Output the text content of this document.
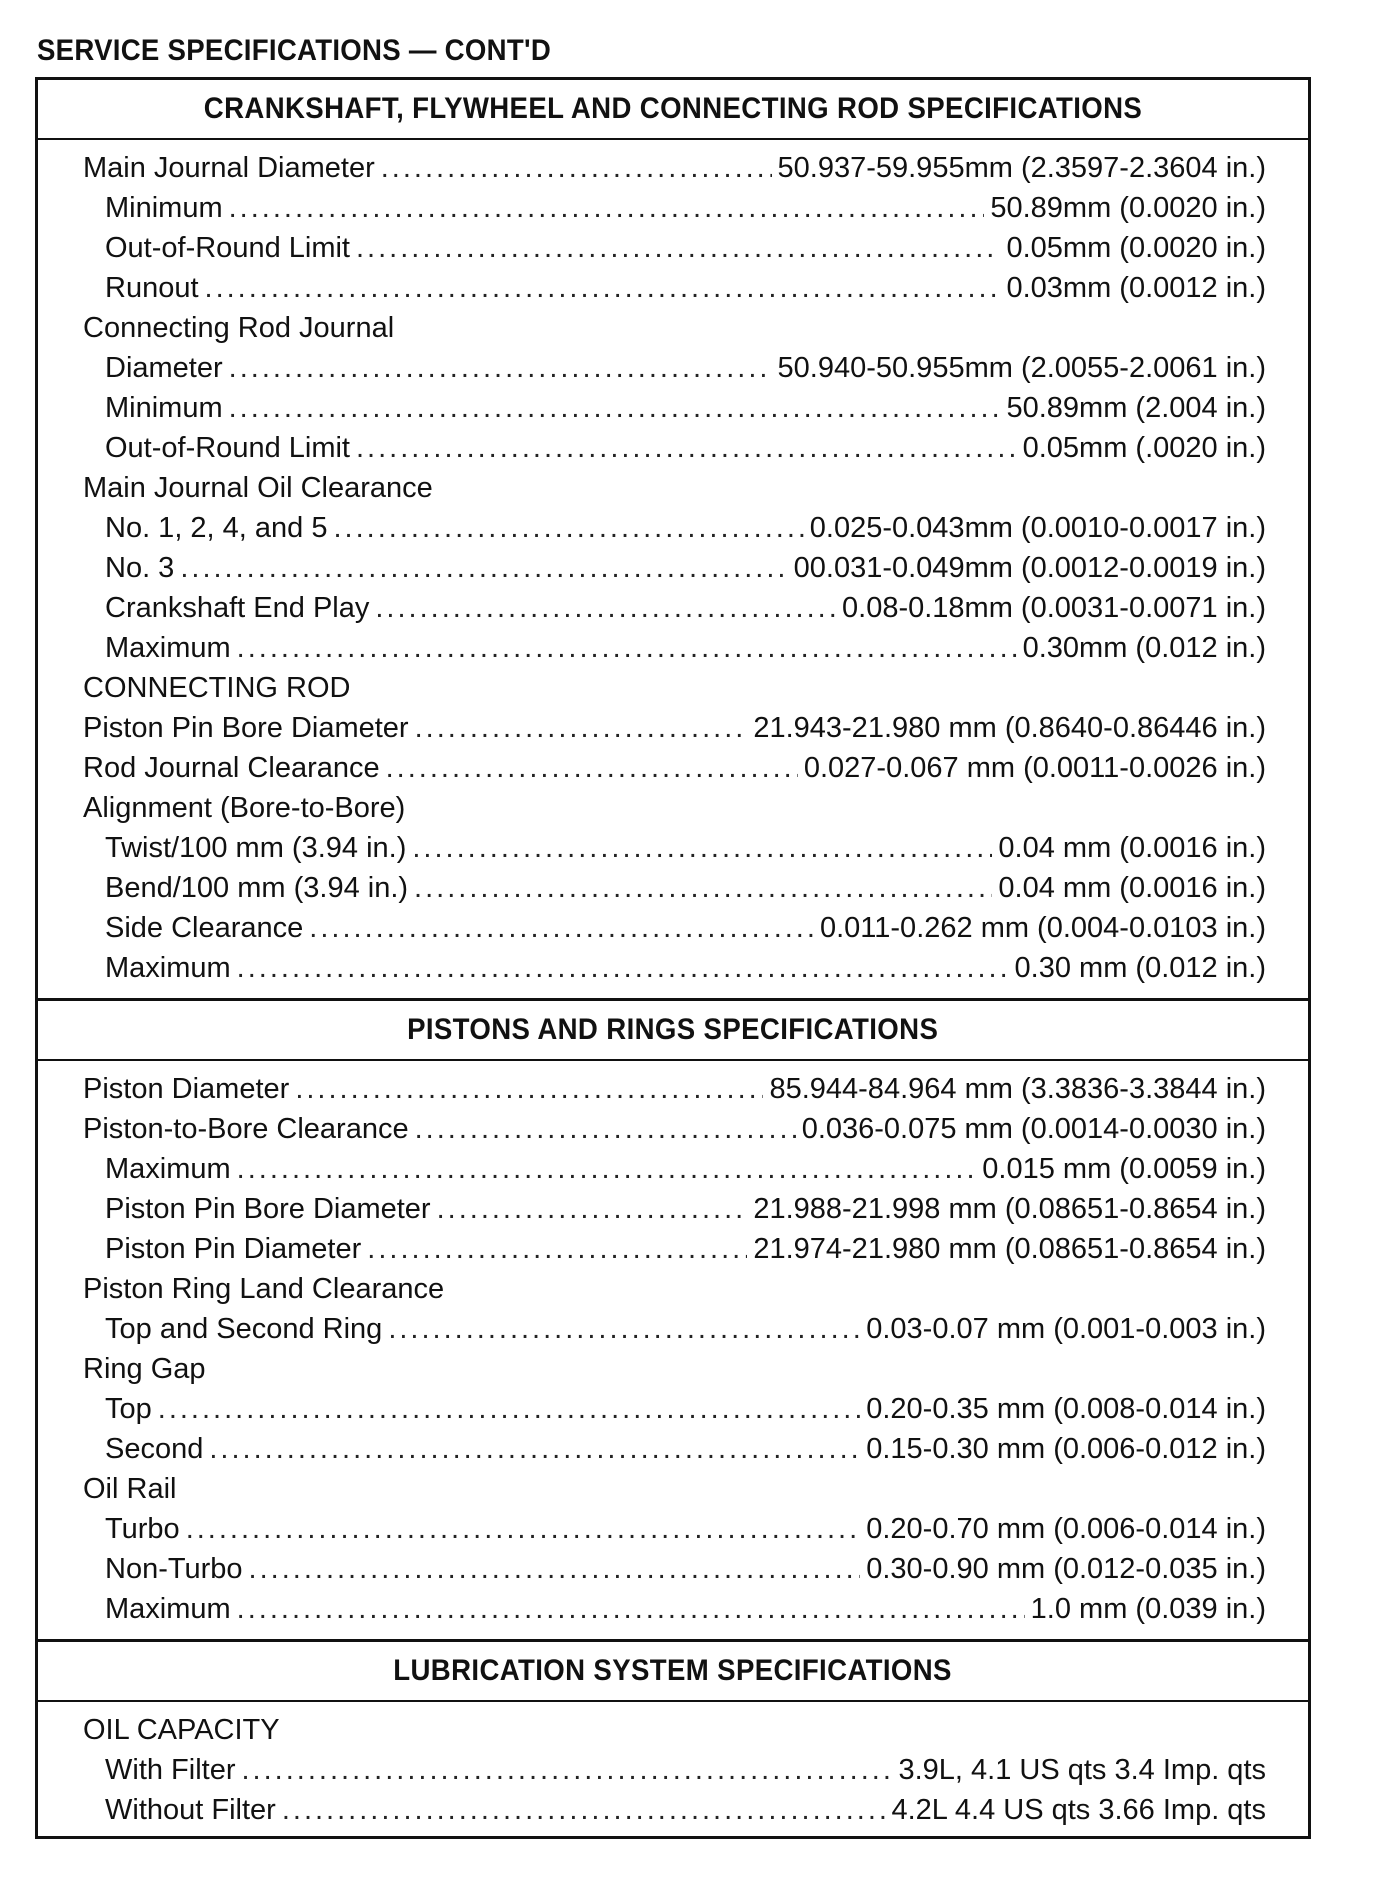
SERVICE SPECIFICATIONS — CONT'D
CRANKSHAFT, FLYWHEEL AND CONNECTING ROD SPECIFICATIONS
Main Journal Diameter .....	50.937-59.955mm (2.3597-2.3604 in.)
Minimum .....	50.89mm (0.0020 in.)
Out-of-Round Limit .....	0.05mm (0.0020 in.)
Runout .....	0.03mm (0.0012 in.)
Connecting Rod Journal
Diameter .....	50.940-50.955mm (2.0055-2.0061 in.)
Minimum .....	50.89mm (2.004 in.)
Out-of-Round Limit .....	0.05mm (.0020 in.)
Main Journal Oil Clearance
No. 1, 2, 4, and 5 .....	0.025-0.043mm (0.0010-0.0017 in.)
No. 3 .....	00.031-0.049mm (0.0012-0.0019 in.)
Crankshaft End Play .....	0.08-0.18mm (0.0031-0.0071 in.)
Maximum .....	0.30mm (0.012 in.)
CONNECTING ROD
Piston Pin Bore Diameter .....	21.943-21.980 mm (0.8640-0.86446 in.)
Rod Journal Clearance .....	0.027-0.067 mm (0.0011-0.0026 in.)
Alignment (Bore-to-Bore)
Twist/100 mm (3.94 in.) .....	0.04 mm (0.0016 in.)
Bend/100 mm (3.94 in.) .....	0.04 mm (0.0016 in.)
Side Clearance .....	0.011-0.262 mm (0.004-0.0103 in.)
Maximum .....	0.30 mm (0.012 in.)
PISTONS AND RINGS SPECIFICATIONS
Piston Diameter .....	85.944-84.964 mm (3.3836-3.3844 in.)
Piston-to-Bore Clearance .....	0.036-0.075 mm (0.0014-0.0030 in.)
Maximum .....	0.015 mm (0.0059 in.)
Piston Pin Bore Diameter .....	21.988-21.998 mm (0.08651-0.8654 in.)
Piston Pin Diameter .....	21.974-21.980 mm (0.08651-0.8654 in.)
Piston Ring Land Clearance
Top and Second Ring .....	0.03-0.07 mm (0.001-0.003 in.)
Ring Gap
Top .....	0.20-0.35 mm (0.008-0.014 in.)
Second .....	0.15-0.30 mm (0.006-0.012 in.)
Oil Rail
Turbo .....	0.20-0.70 mm (0.006-0.014 in.)
Non-Turbo .....	0.30-0.90 mm (0.012-0.035 in.)
Maximum .....	1.0 mm (0.039 in.)
LUBRICATION SYSTEM SPECIFICATIONS
OIL CAPACITY
With Filter .....	3.9L, 4.1 US qts 3.4 Imp. qts
Without Filter .....	4.2L 4.4 US qts 3.66 Imp. qts
